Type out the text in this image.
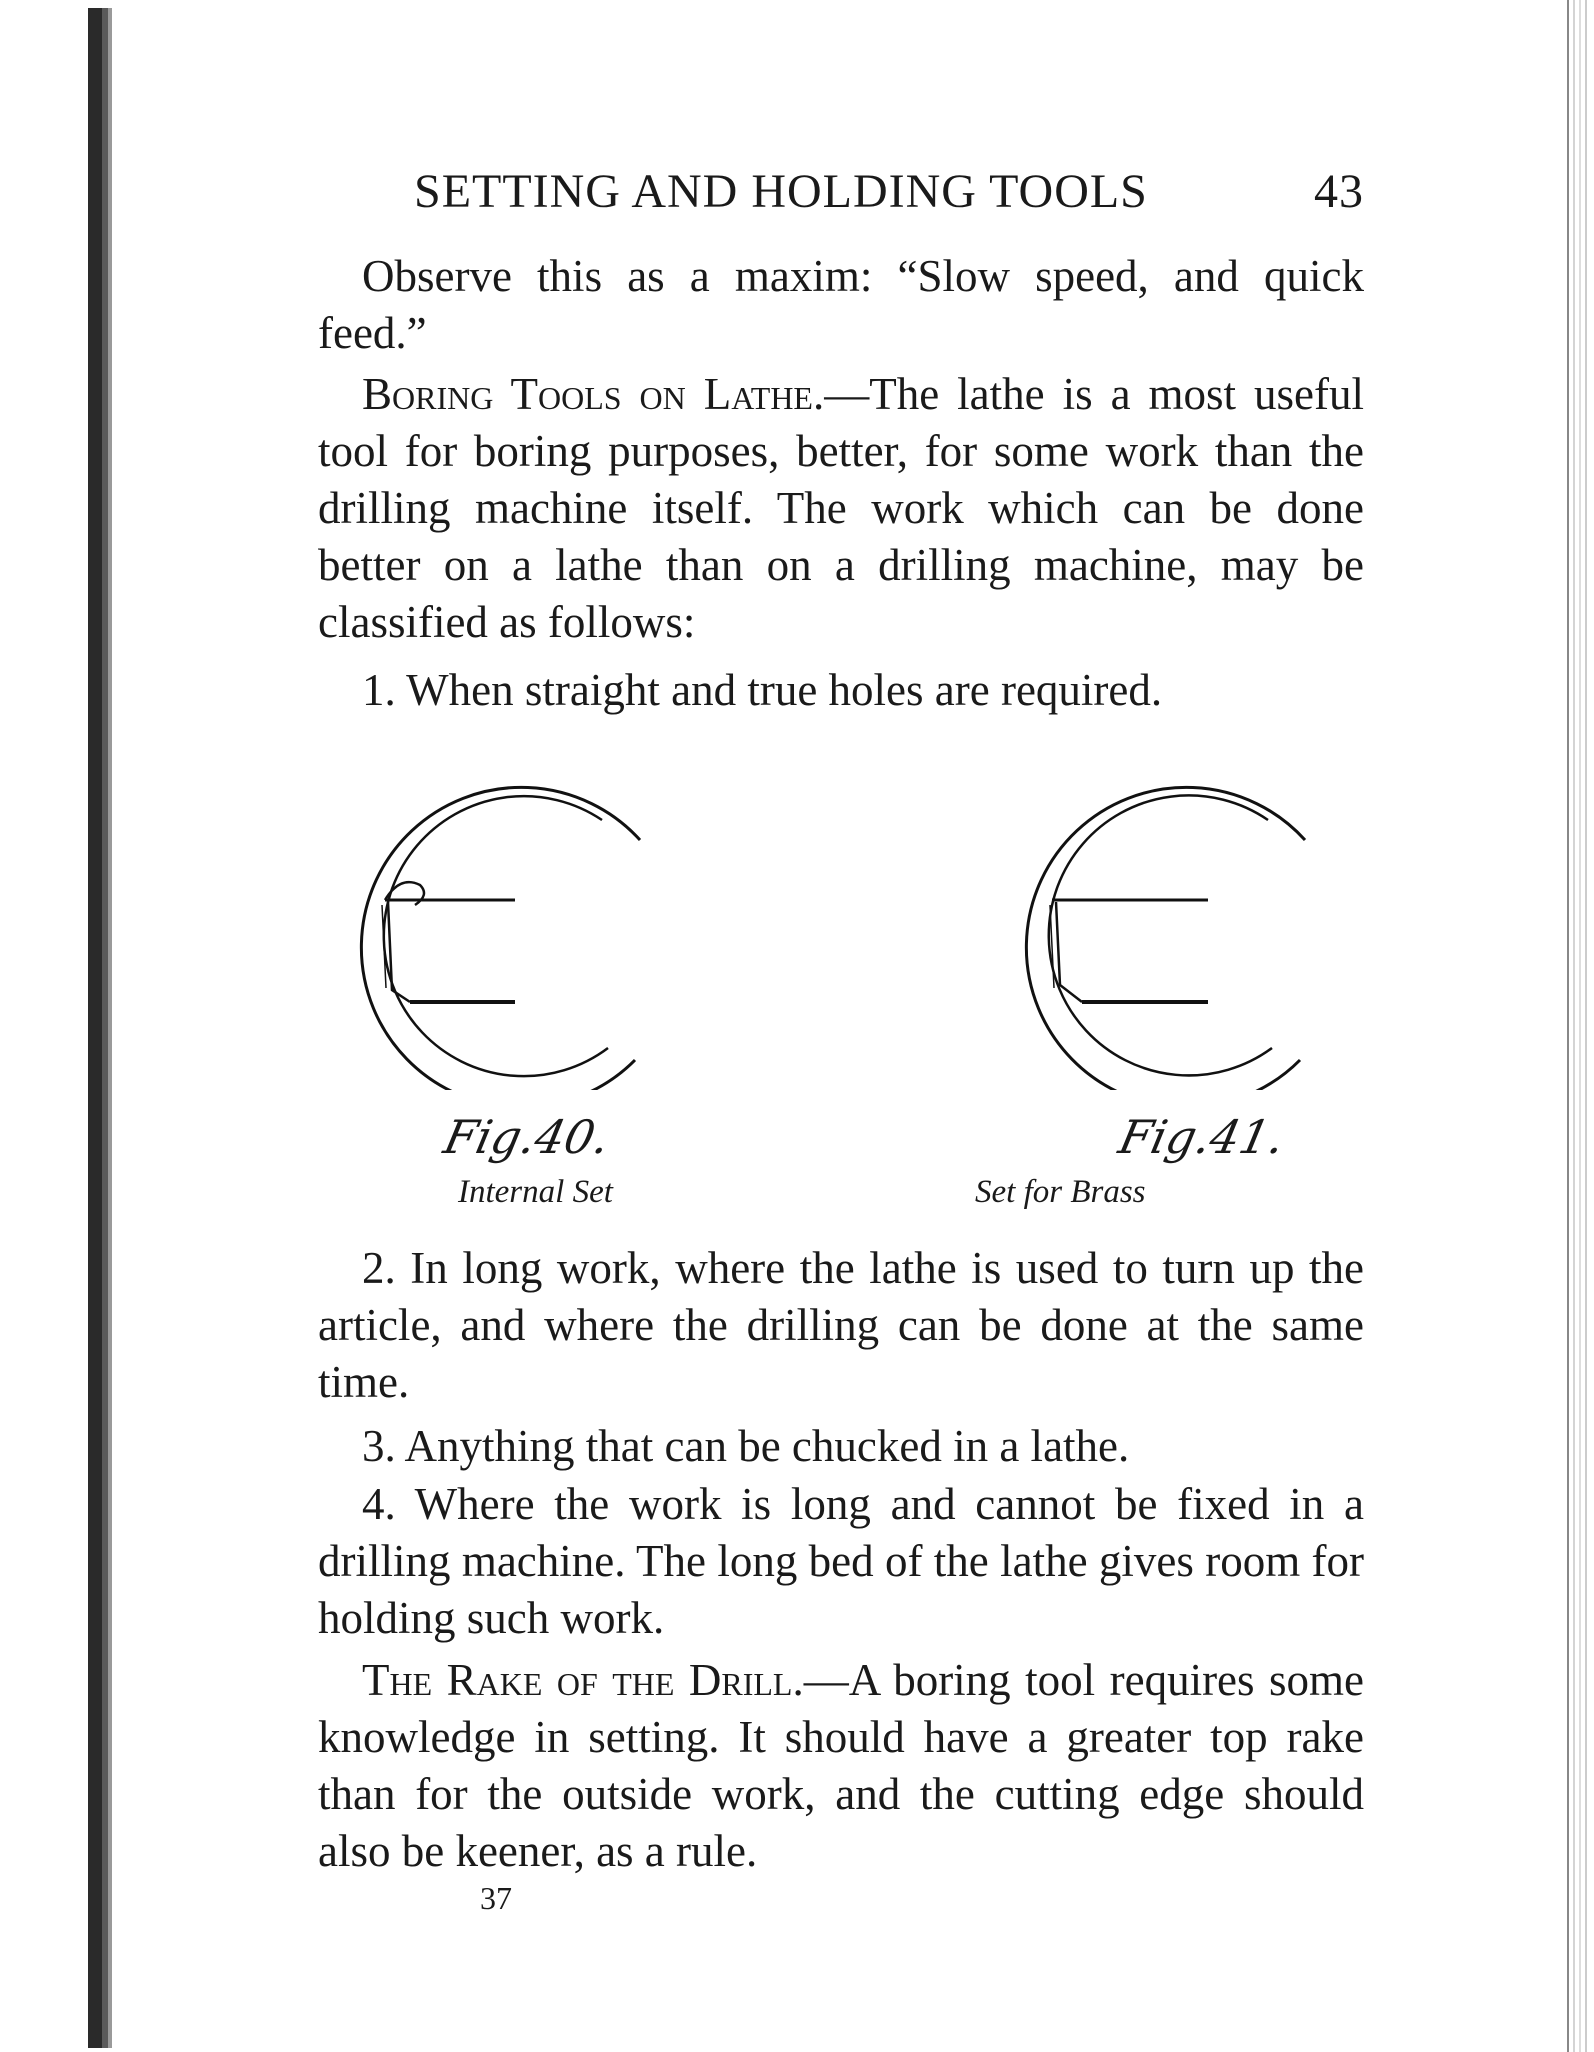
SETTING AND HOLDING TOOLS	43

Observe this as a maxim: “Slow speed, and quick feed.”

Boring Tools on Lathe.—The lathe is a most useful tool for boring purposes, better, for some work than the drilling machine itself. The work which can be done better on a lathe than on a drilling machine, may be classified as follows:

1. When straight and true holes are required.

Fig.40.
Internal Set
Fig.41.
Set for Brass

2. In long work, where the lathe is used to turn up the article, and where the drilling can be done at the same time.

3. Anything that can be chucked in a lathe.

4. Where the work is long and cannot be fixed in a drilling machine. The long bed of the lathe gives room for holding such work.

The Rake of the Drill.—A boring tool requires some knowledge in setting. It should have a greater top rake than for the outside work, and the cutting edge should also be keener, as a rule.

37
